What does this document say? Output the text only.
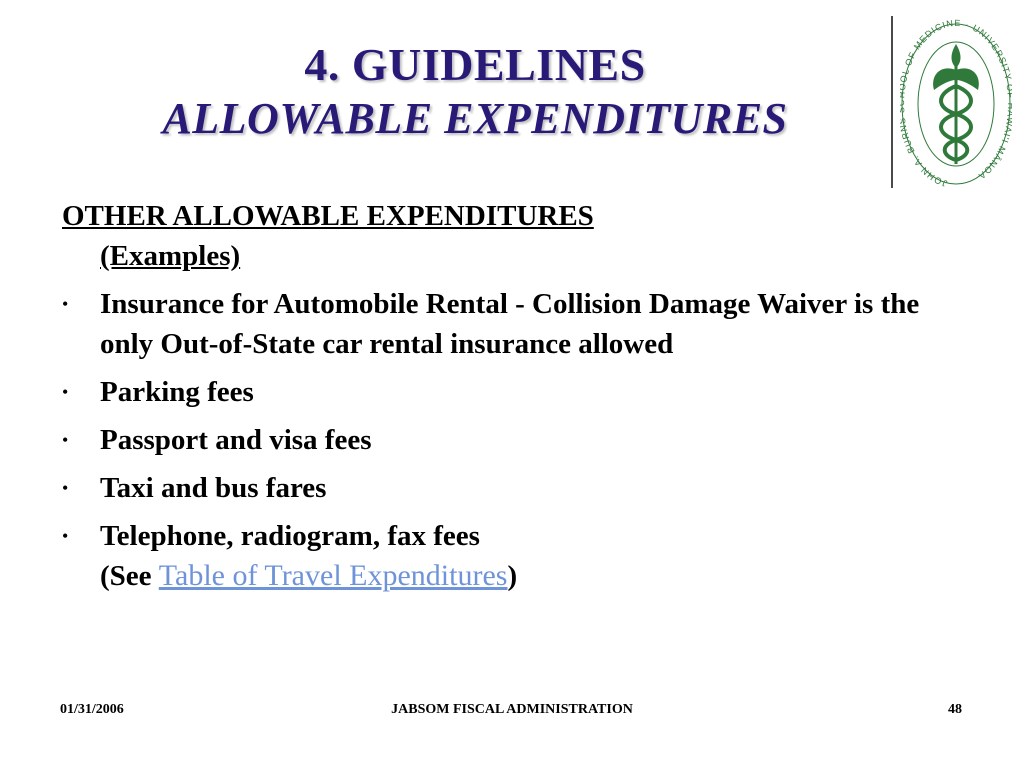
4. GUIDELINES
ALLOWABLE EXPENDITURES
JOHN A. BUR L OF MEDICINE · UNIVERSIT I'I MĀNOA
OTHER ALLOWABLE EXPENDITURES
(Examples)
• Insurance for Automobile Rental - Collision Damage Waiver is the only Out-of-State car rental insurance allowed
• Parking fees
• Passport and visa fees
• Taxi and bus fares
• Telephone, radiogram, fax fees
(See Table of Travel Expenditures)
01/31/2006	JABSOM FISCAL ADMINISTRATION	48
